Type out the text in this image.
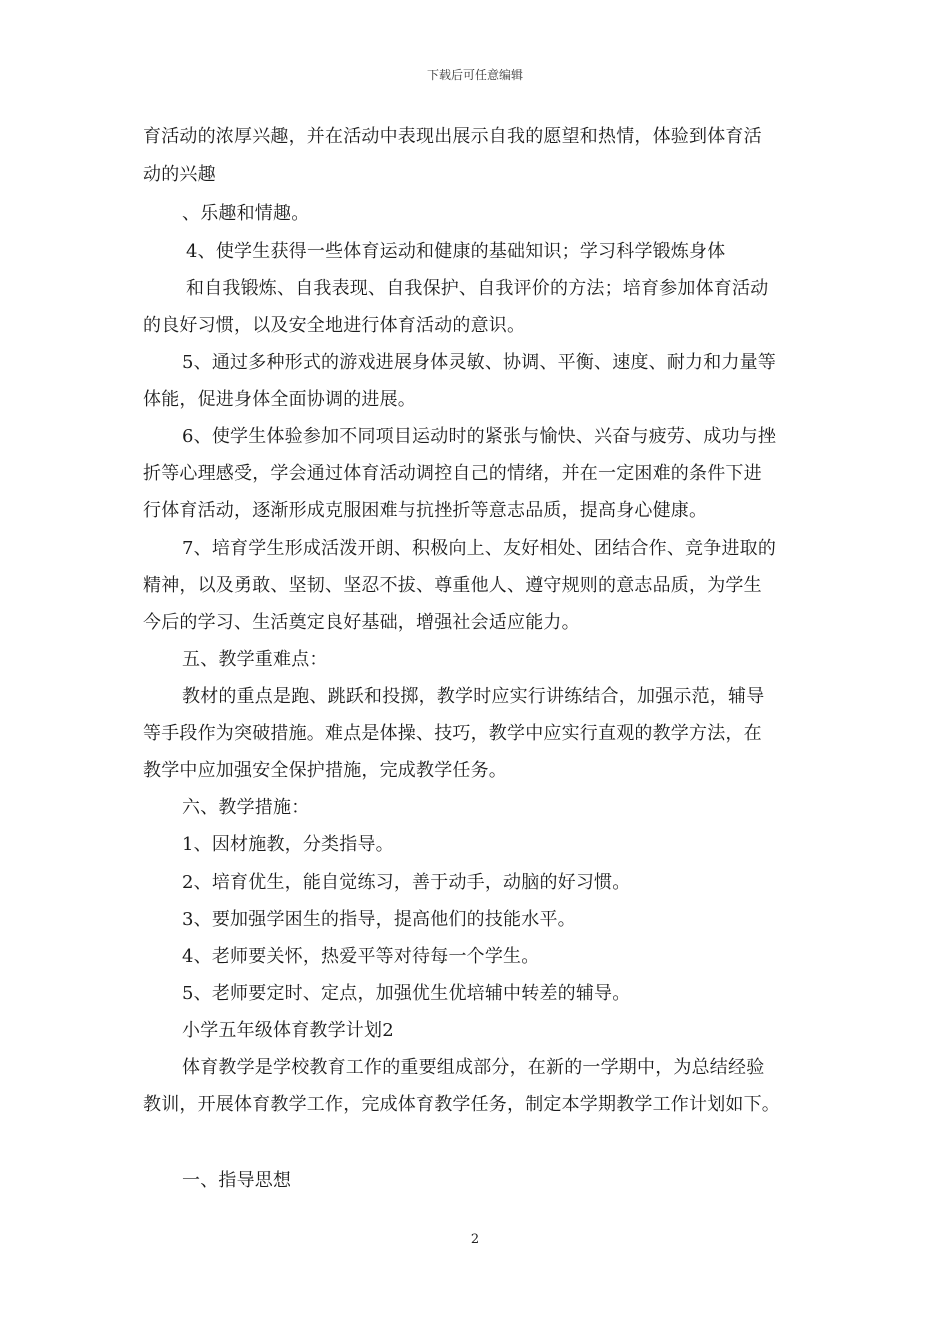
下载后可任意编辑
育活动的浓厚兴趣，并在活动中表现出展示自我的愿望和热情，体验到体育活
动的兴趣
、乐趣和情趣。
4、使学生获得一些体育运动和健康的基础知识；学习科学锻炼身体
和自我锻炼、自我表现、自我保护、自我评价的方法；培育参加体育活动
的良好习惯，以及安全地进行体育活动的意识。
5、通过多种形式的游戏进展身体灵敏、协调、平衡、速度、耐力和力量等
体能，促进身体全面协调的进展。
6、使学生体验参加不同项目运动时的紧张与愉快、兴奋与疲劳、成功与挫
折等心理感受，学会通过体育活动调控自己的情绪，并在一定困难的条件下进
行体育活动，逐渐形成克服困难与抗挫折等意志品质，提高身心健康。
7、培育学生形成活泼开朗、积极向上、友好相处、团结合作、竞争进取的
精神，以及勇敢、坚韧、坚忍不拔、尊重他人、遵守规则的意志品质，为学生
今后的学习、生活奠定良好基础，增强社会适应能力。
五、教学重难点：
教材的重点是跑、跳跃和投掷，教学时应实行讲练结合，加强示范，辅导
等手段作为突破措施。难点是体操、技巧，教学中应实行直观的教学方法，在
教学中应加强安全保护措施，完成教学任务。
六、教学措施：
1、因材施教，分类指导。
2、培育优生，能自觉练习，善于动手，动脑的好习惯。
3、要加强学困生的指导，提高他们的技能水平。
4、老师要关怀，热爱平等对待每一个学生。
5、老师要定时、定点，加强优生优培辅中转差的辅导。
小学五年级体育教学计划2
体育教学是学校教育工作的重要组成部分，在新的一学期中，为总结经验
教训，开展体育教学工作，完成体育教学任务，制定本学期教学工作计划如下。
一、指导思想
2
